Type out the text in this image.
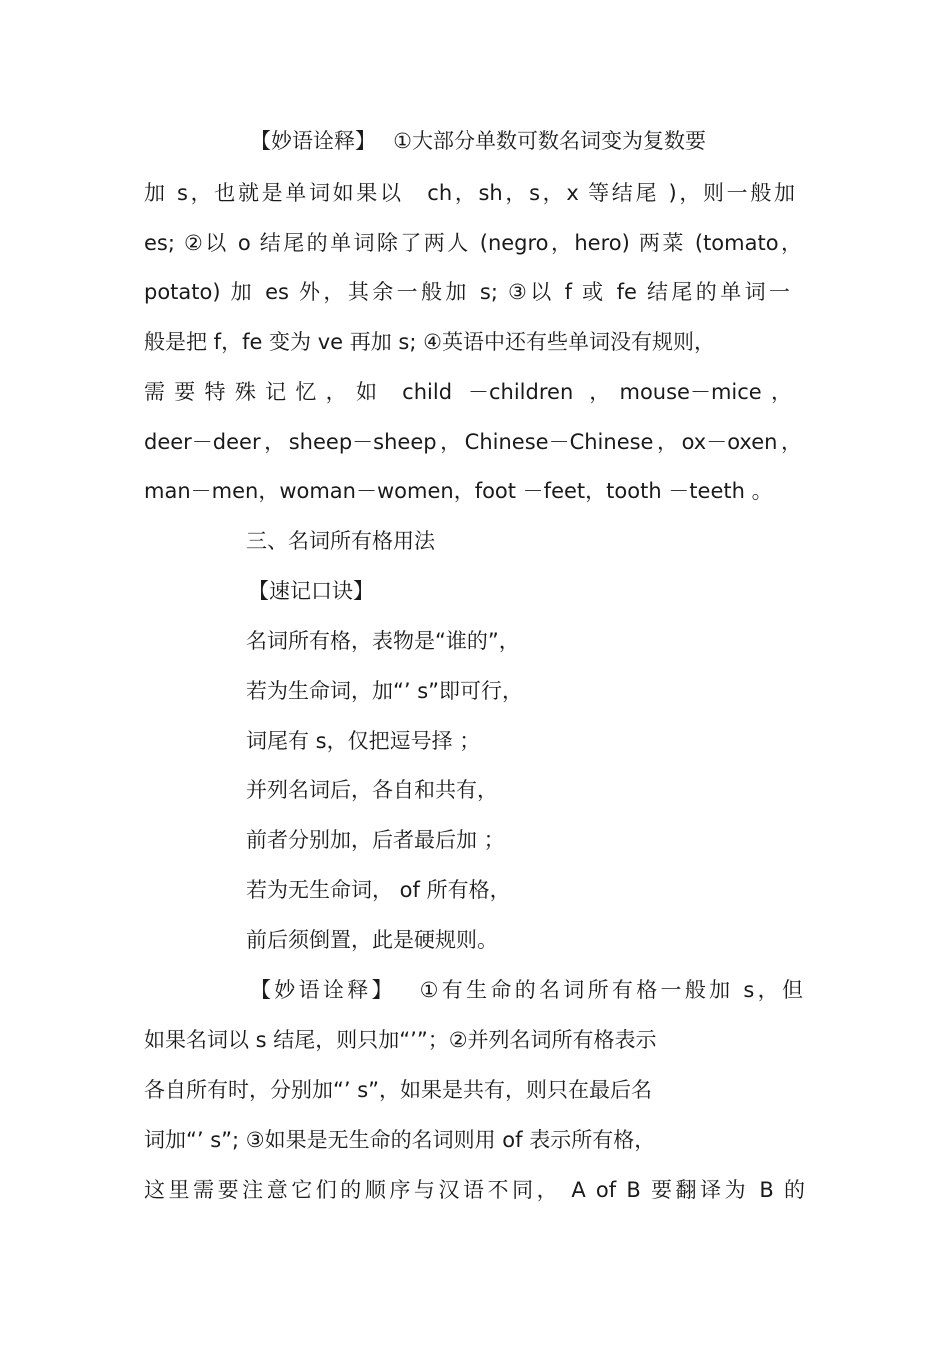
【妙语诠释】　 ①大部分单数可数名词变为复数要
加 s，也就是单词如果以　ch，sh，s，x 等结尾 )，则一般加
es; ②以 o 结尾的单词除了两人 (negro，hero) 两菜 (tomato，
potato) 加 es 外，其余一般加 s; ③以 f 或 fe 结尾的单词一
般是把 f，fe 变为 ve 再加 s; ④英语中还有些单词没有规则，
需要特殊记忆，如 child －children ，mouse－mice，
deer－deer，sheep－sheep，Chinese－Chinese，ox－oxen，
man－men，woman－women，foot －feet，tooth －teeth 。
三、名词所有格用法
【速记口诀】
名词所有格，表物是“谁的”，
若为生命词，加“’ s”即可行，
词尾有 s，仅把逗号择 ；
并列名词后，各自和共有，
前者分别加，后者最后加 ；
若为无生命词， of 所有格，
前后须倒置，此是硬规则。
【妙语诠释】　 ①有生命的名词所有格一般加 s，但
如果名词以 s 结尾，则只加“’”；②并列名词所有格表示
各自所有时，分别加“’ s”，如果是共有，则只在最后名
词加“’ s”; ③如果是无生命的名词则用 of 表示所有格，
这里需要注意它们的顺序与汉语不同， A of B 要翻译为 B 的
